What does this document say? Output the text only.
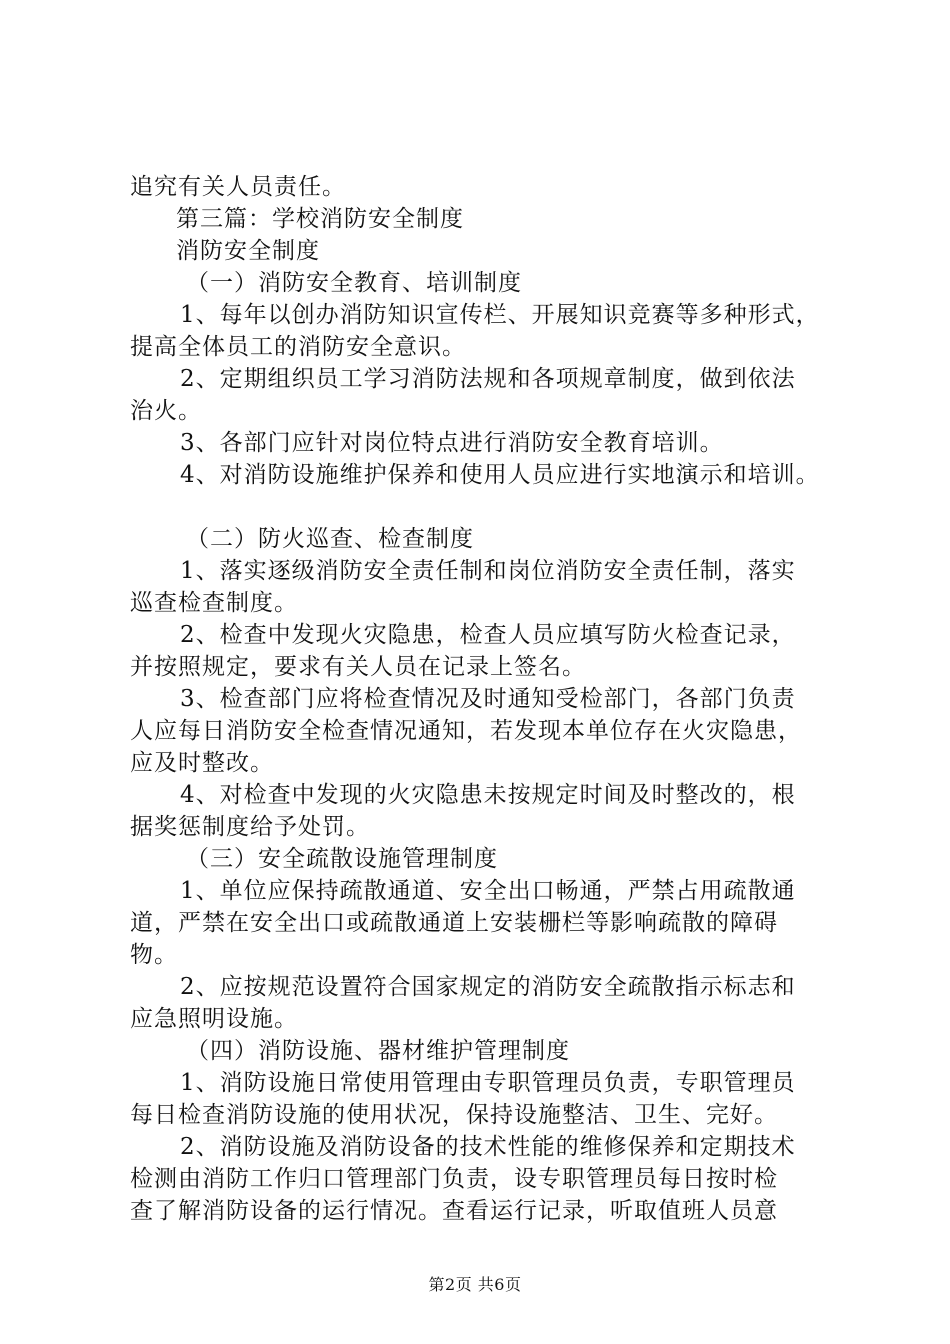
追究有关人员责任。
第三篇：学校消防安全制度
消防安全制度
（一）消防安全教育、培训制度
1、每年以创办消防知识宣传栏、开展知识竞赛等多种形式，
提高全体员工的消防安全意识。
2、定期组织员工学习消防法规和各项规章制度，做到依法
治火。
3、各部门应针对岗位特点进行消防安全教育培训。
4、对消防设施维护保养和使用人员应进行实地演示和培训。
（二）防火巡查、检查制度
1、落实逐级消防安全责任制和岗位消防安全责任制，落实
巡查检查制度。
2、检查中发现火灾隐患，检查人员应填写防火检查记录，
并按照规定，要求有关人员在记录上签名。
3、检查部门应将检查情况及时通知受检部门，各部门负责
人应每日消防安全检查情况通知，若发现本单位存在火灾隐患，
应及时整改。
4、对检查中发现的火灾隐患未按规定时间及时整改的，根
据奖惩制度给予处罚。
（三）安全疏散设施管理制度
1、单位应保持疏散通道、安全出口畅通，严禁占用疏散通
道，严禁在安全出口或疏散通道上安装栅栏等影响疏散的障碍
物。
2、应按规范设置符合国家规定的消防安全疏散指示标志和
应急照明设施。
（四）消防设施、器材维护管理制度
1、消防设施日常使用管理由专职管理员负责，专职管理员
每日检查消防设施的使用状况，保持设施整洁、卫生、完好。
2、消防设施及消防设备的技术性能的维修保养和定期技术
检测由消防工作归口管理部门负责，设专职管理员每日按时检
查了解消防设备的运行情况。查看运行记录，听取值班人员意
第2页 共6页
